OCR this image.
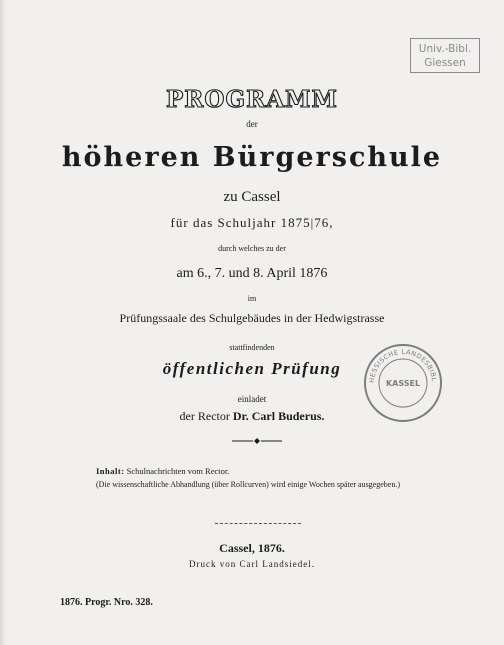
Univ.-Bibl.
Giessen
PROGRAMM
der
höheren Bürgerschule
zu Cassel
für das Schuljahr 1875|76,
durch welches zu der
am 6., 7. und 8. April 1876
im
Prüfungssaale des Schulgebäudes in der Hedwigstrasse
stattfindenden
öffentlichen Prüfung
einladet
der Rector Dr. Carl Buderus.
Inhalt: Schulnachrichten vom Rector.
(Die wissenschaftliche Abhandlung (über Rollcurven) wird einige Wochen später ausgegeben.)
Cassel, 1876.
Druck von Carl Landsiedel.
1876. Progr. Nro. 328.
HESSISCHE LANDESBIBL
KASSEL
